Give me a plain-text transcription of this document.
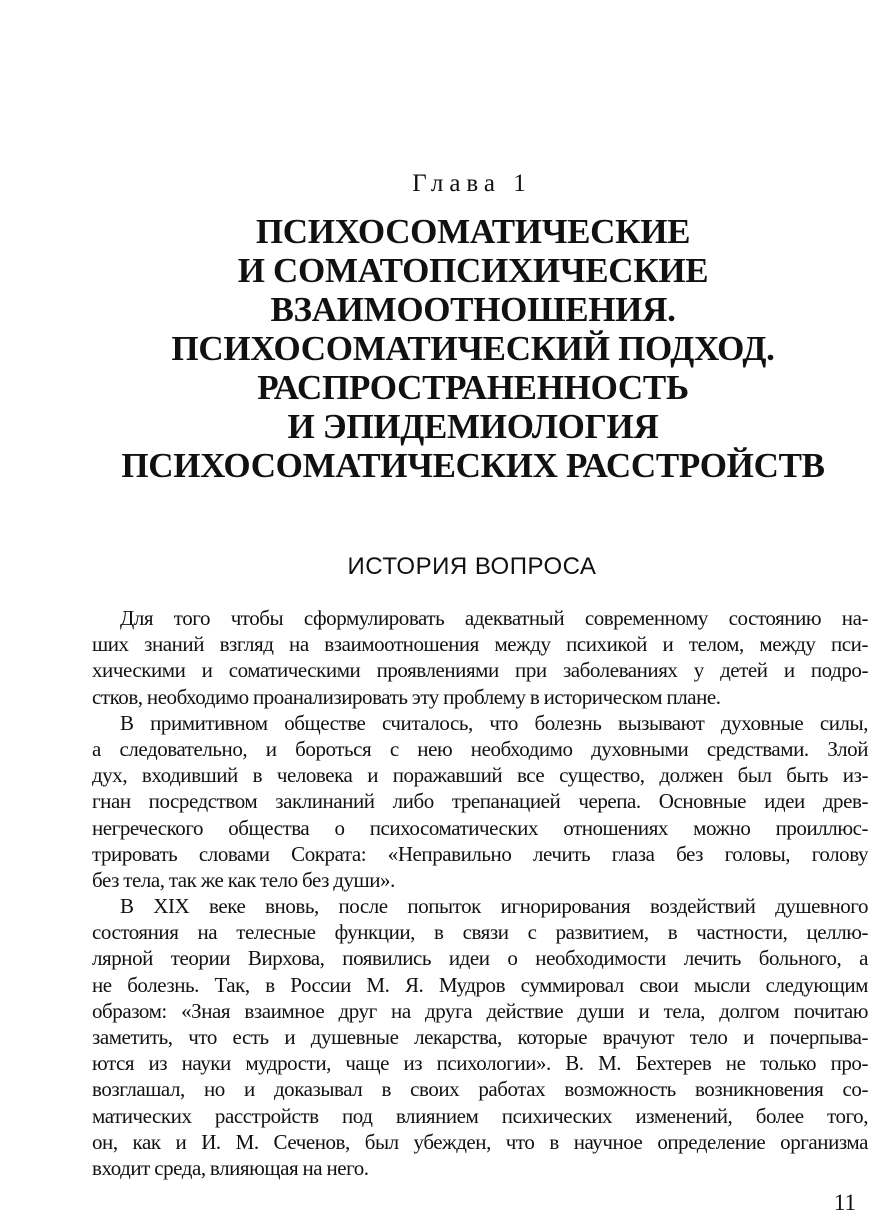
Глава 1
ПСИХОСОМАТИЧЕСКИЕ
И СОМАТОПСИХИЧЕСКИЕ
ВЗАИМООТНОШЕНИЯ.
ПСИХОСОМАТИЧЕСКИЙ ПОДХОД.
РАСПРОСТРАНЕННОСТЬ
И ЭПИДЕМИОЛОГИЯ
ПСИХОСОМАТИЧЕСКИХ РАССТРОЙСТВ
ИСТОРИЯ ВОПРОСА
Для того чтобы сформулировать адекватный современному состоянию на-
ших знаний взгляд на взаимоотношения между психикой и телом, между пси-
хическими и соматическими проявлениями при заболеваниях у детей и подро-
стков, необходимо проанализировать эту проблему в историческом плане.
В примитивном обществе считалось, что болезнь вызывают духовные силы,
а следовательно, и бороться с нею необходимо духовными средствами. Злой
дух, входивший в человека и поражавший все существо, должен был быть из-
гнан посредством заклинаний либо трепанацией черепа. Основные идеи древ-
негреческого общества о психосоматических отношениях можно проиллюс-
трировать словами Сократа: «Неправильно лечить глаза без головы, голову
без тела, так же как тело без души».
В XIX веке вновь, после попыток игнорирования воздействий душевного
состояния на телесные функции, в связи с развитием, в частности, целлю-
лярной теории Вирхова, появились идеи о необходимости лечить больного, а
не болезнь. Так, в России М. Я. Мудров суммировал свои мысли следующим
образом: «Зная взаимное друг на друга действие души и тела, долгом почитаю
заметить, что есть и душевные лекарства, которые врачуют тело и почерпыва-
ются из науки мудрости, чаще из психологии». В. М. Бехтерев не только про-
возглашал, но и доказывал в своих работах возможность возникновения со-
матических расстройств под влиянием психических изменений, более того,
он, как и И. М. Сеченов, был убежден, что в научное определение организма
входит среда, влияющая на него.
11
